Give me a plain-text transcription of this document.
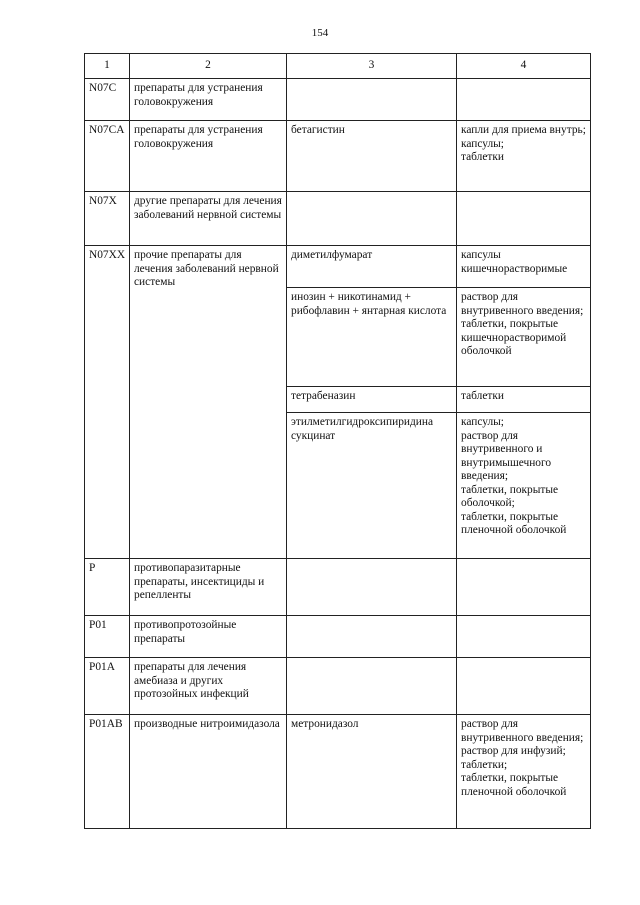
154
1	2	3	4
N07C	препараты для устранения головокружения		
N07CA	препараты для устранения головокружения	бетагистин	капли для приема внутрь;
капсулы;
таблетки
N07X	другие препараты для лечения заболеваний нервной системы		
N07XX	прочие препараты для лечения заболеваний нервной системы	диметилфумарат	капсулы кишечнорастворимые
		инозин + никотинамид + рибофлавин + янтарная кислота	раствор для внутривенного введения;
таблетки, покрытые кишечнорастворимой оболочкой
		тетрабеназин	таблетки
		этилметилгидроксипиридина сукцинат	капсулы;
раствор для внутривенного и внутримышечного введения;
таблетки, покрытые оболочкой;
таблетки, покрытые пленочной оболочкой
P	противопаразитарные препараты, инсектициды и репелленты		
P01	противопротозойные препараты		
P01A	препараты для лечения амебиаза и других протозойных инфекций		
P01AB	производные нитроимидазола	метронидазол	раствор для внутривенного введения;
раствор для инфузий;
таблетки;
таблетки, покрытые пленочной оболочкой
